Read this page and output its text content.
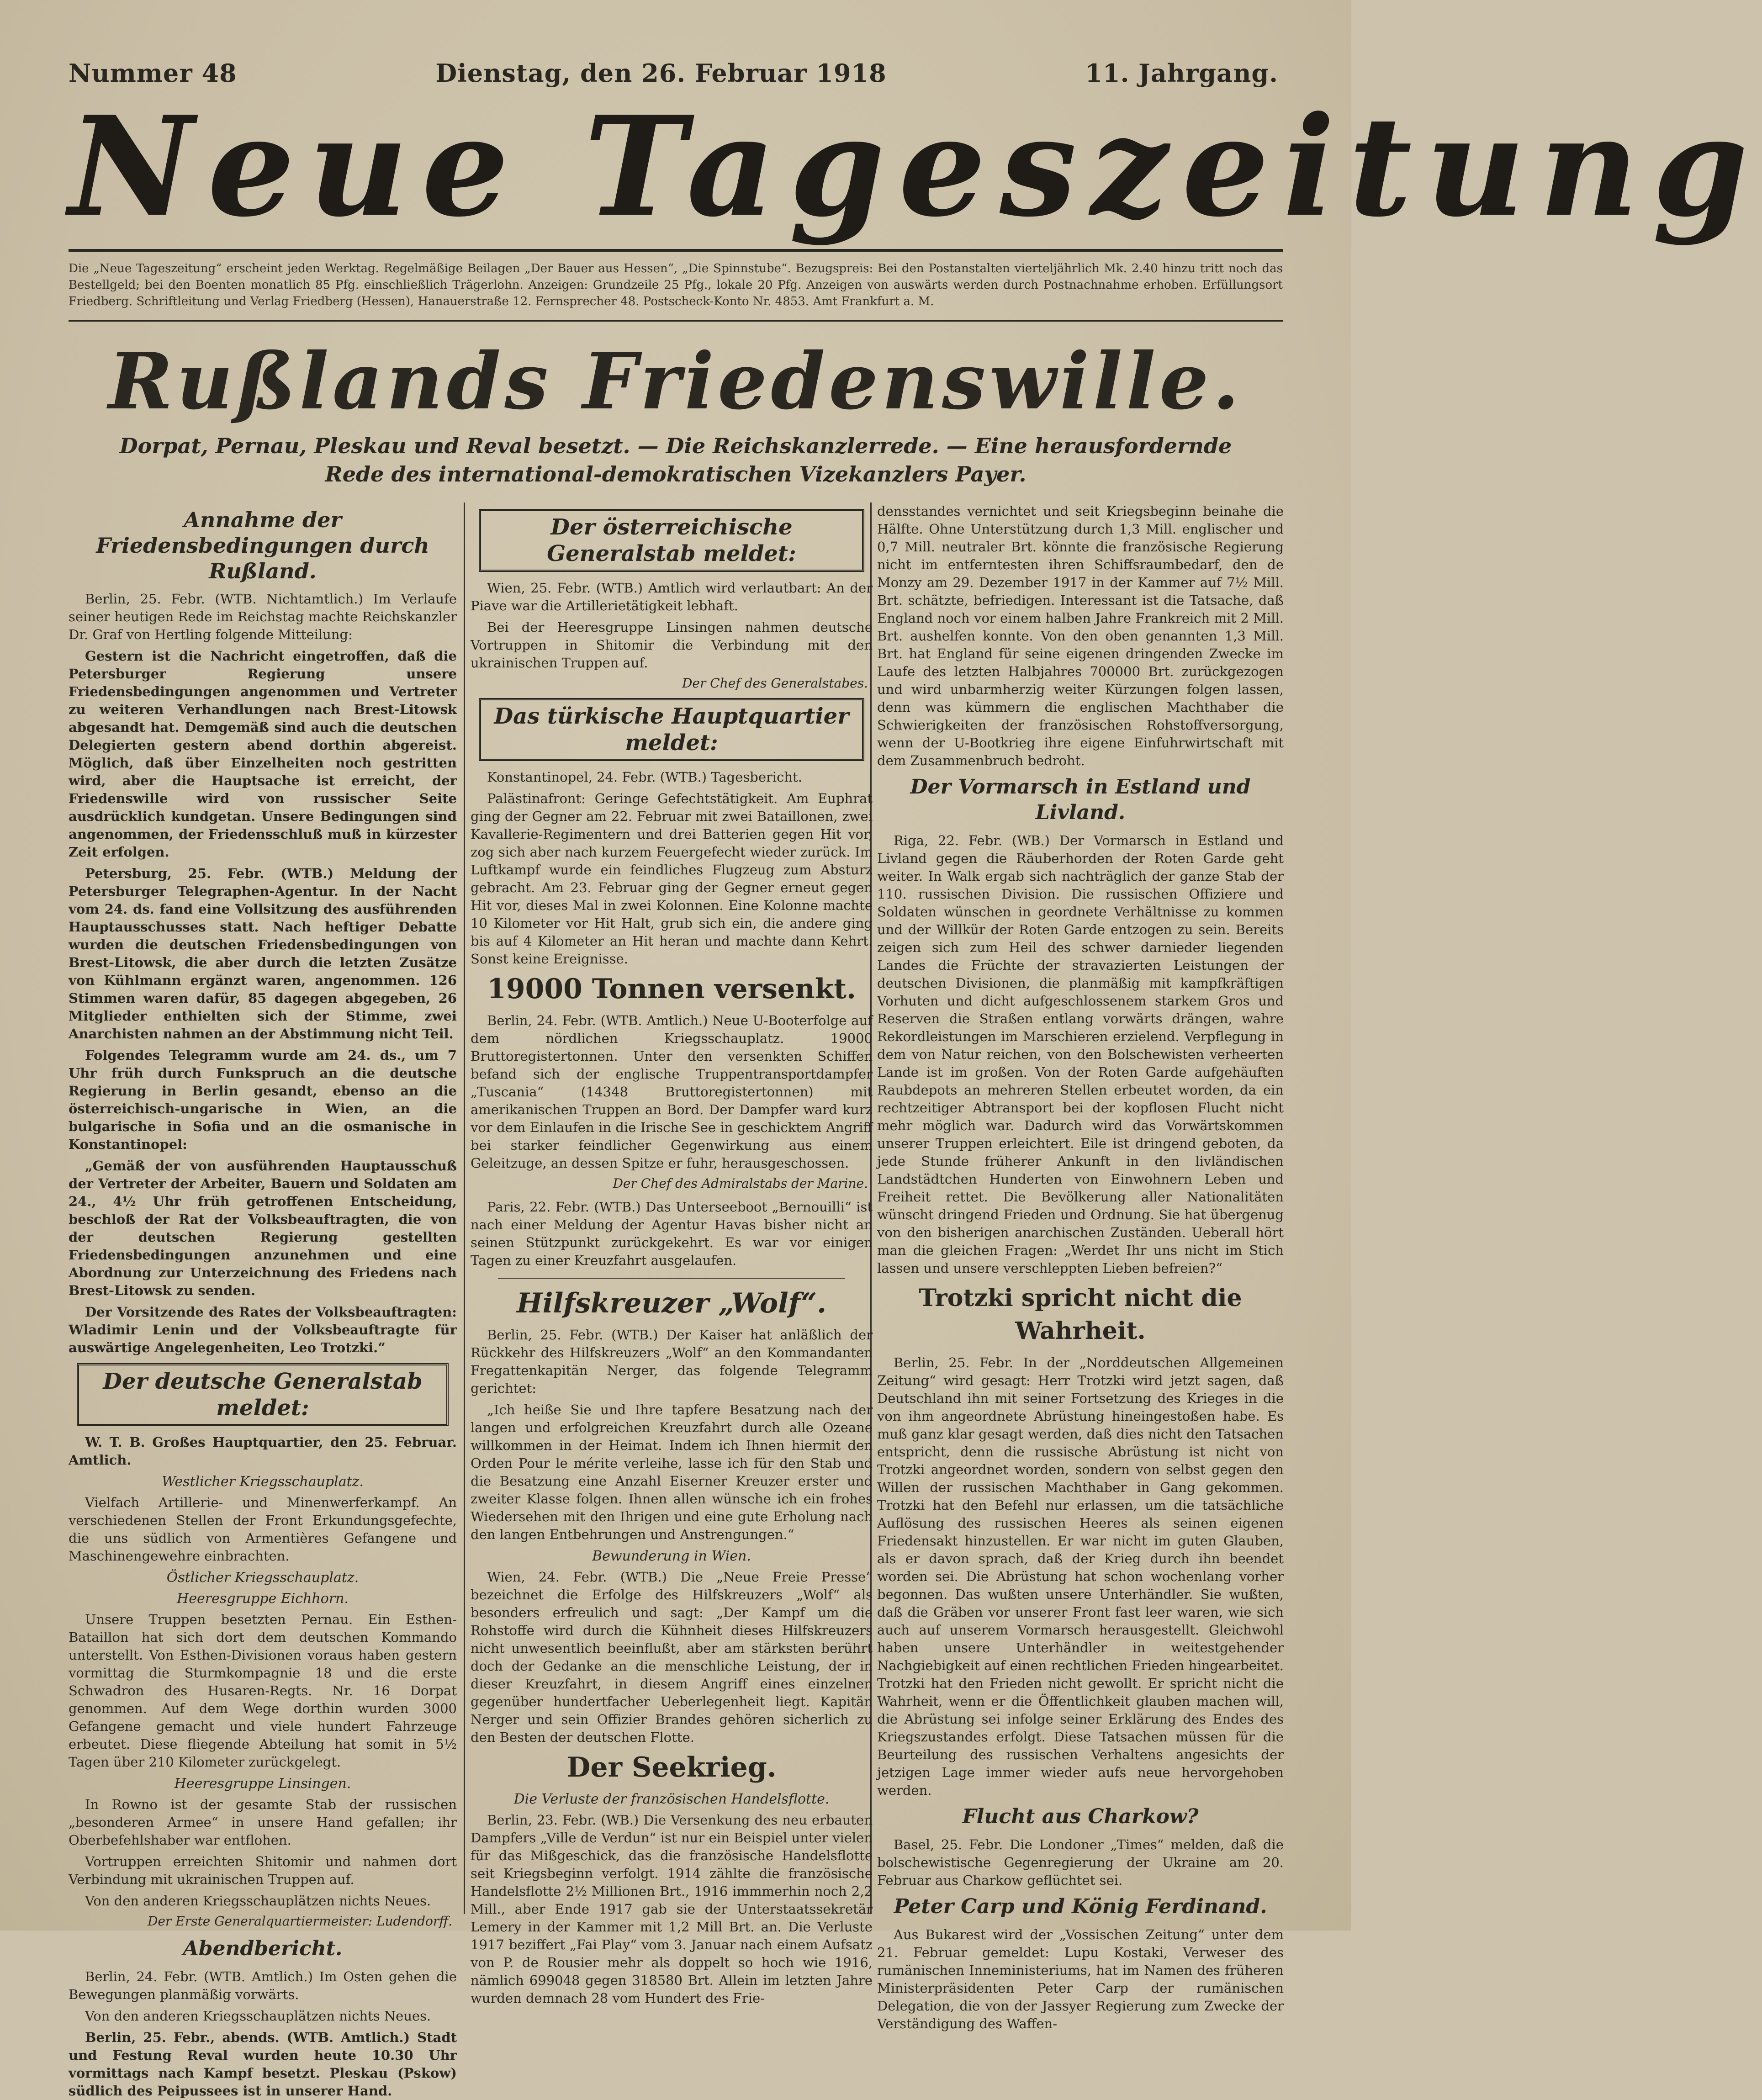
Nummer 48	Dienstag, den 26. Februar 1918	11. Jahrgang.
Neue Tageszeitung
Die „Neue Tageszeitung“ erscheint jeden Werktag. Regelmäßige Beilagen „Der Bauer aus Hessen“, „Die Spinnstube“. Bezugspreis: Bei den Postanstalten vierteljährlich Mk. 2.40 hinzu tritt noch das Bestellgeld; bei den Boenten monatlich 85 Pfg. einschließlich Trägerlohn. Anzeigen: Grundzeile 25 Pfg., lokale 20 Pfg. Anzeigen von auswärts werden durch Postnachnahme erhoben. Erfüllungsort Friedberg. Schriftleitung und Verlag Friedberg (Hessen), Hanauerstraße 12. Fernsprecher 48. Postscheck-Konto Nr. 4853. Amt Frankfurt a. M.
Rußlands Friedenswille.
Dorpat, Pernau, Pleskau und Reval besetzt. — Die Reichskanzlerrede. — Eine herausfordernde Rede des international-demokratischen Vizekanzlers Payer.
Annahme der Friedensbedingungen durch Rußland.

Berlin, 25. Febr. (WTB. Nichtamtlich.) Im Verlaufe seiner heutigen Rede im Reichstag machte Reichskanzler Dr. Graf von Hertling folgende Mitteilung:

Gestern ist die Nachricht eingetroffen, daß die Petersburger Regierung unsere Friedensbedingungen angenommen und Vertreter zu weiteren Verhandlungen nach Brest-Litowsk abgesandt hat. Demgemäß sind auch die deutschen Delegierten gestern abend dorthin abgereist. Möglich, daß über Einzelheiten noch gestritten wird, aber die Hauptsache ist erreicht, der Friedenswille wird von russischer Seite ausdrücklich kundgetan. Unsere Bedingungen sind angenommen, der Friedensschluß muß in kürzester Zeit erfolgen.

Petersburg, 25. Febr. (WTB.) Meldung der Petersburger Telegraphen-Agentur. In der Nacht vom 24. ds. fand eine Vollsitzung des ausführenden Hauptausschusses statt. Nach heftiger Debatte wurden die deutschen Friedensbedingungen von Brest-Litowsk, die aber durch die letzten Zusätze von Kühlmann ergänzt waren, angenommen. 126 Stimmen waren dafür, 85 dagegen abgegeben, 26 Mitglieder enthielten sich der Stimme, zwei Anarchisten nahmen an der Abstimmung nicht Teil.

Folgendes Telegramm wurde am 24. ds., um 7 Uhr früh durch Funkspruch an die deutsche Regierung in Berlin gesandt, ebenso an die österreichisch-ungarische in Wien, an die bulgarische in Sofia und an die osmanische in Konstantinopel:

„Gemäß der von ausführenden Hauptausschuß der Vertreter der Arbeiter, Bauern und Soldaten am 24., 4½ Uhr früh getroffenen Entscheidung, beschloß der Rat der Volksbeauftragten, die von der deutschen Regierung gestellten Friedensbedingungen anzunehmen und eine Abordnung zur Unterzeichnung des Friedens nach Brest-Litowsk zu senden.

Der Vorsitzende des Rates der Volksbeauftragten: Wladimir Lenin und der Volksbeauftragte für auswärtige Angelegenheiten, Leo Trotzki.“

Der deutsche Generalstab meldet:

W. T. B. Großes Hauptquartier, den 25. Februar. Amtlich.

Westlicher Kriegsschauplatz.

Vielfach Artillerie- und Minenwerferkampf. An verschiedenen Stellen der Front Erkundungsgefechte, die uns südlich von Armentières Gefangene und Maschinengewehre einbrachten.

Östlicher Kriegsschauplatz.
Heeresgruppe Eichhorn.

Unsere Truppen besetzten Pernau. Ein Esthen-Bataillon hat sich dort dem deutschen Kommando unterstellt. Von Esthen-Divisionen voraus haben gestern vormittag die Sturmkompagnie 18 und die erste Schwadron des Husaren-Regts. Nr. 16 Dorpat genommen. Auf dem Wege dorthin wurden 3000 Gefangene gemacht und viele hundert Fahrzeuge erbeutet. Diese fliegende Abteilung hat somit in 5½ Tagen über 210 Kilometer zurückgelegt.

Heeresgruppe Linsingen.

In Rowno ist der gesamte Stab der russischen „besonderen Armee“ in unsere Hand gefallen; ihr Oberbefehlshaber war entflohen.

Vortruppen erreichten Shitomir und nahmen dort Verbindung mit ukrainischen Truppen auf.

Von den anderen Kriegsschauplätzen nichts Neues.

Der Erste Generalquartiermeister: Ludendorff.
Abendbericht.

Berlin, 24. Febr. (WTB. Amtlich.) Im Osten gehen die Bewegungen planmäßig vorwärts.

Von den anderen Kriegsschauplätzen nichts Neues.

Berlin, 25. Febr., abends. (WTB. Amtlich.) Stadt und Festung Reval wurden heute 10.30 Uhr vormittags nach Kampf besetzt. Pleskau (Pskow) südlich des Peipussees ist in unserer Hand.

Der österreichische Generalstab meldet:

Wien, 25. Febr. (WTB.) Amtlich wird verlautbart: An der Piave war die Artillerietätigkeit lebhaft.

Bei der Heeresgruppe Linsingen nahmen deutsche Vortruppen in Shitomir die Verbindung mit den ukrainischen Truppen auf.

Der Chef des Generalstabes.
Das türkische Hauptquartier meldet:

Konstantinopel, 24. Febr. (WTB.) Tagesbericht.

Palästinafront: Geringe Gefechtstätigkeit. Am Euphrat ging der Gegner am 22. Februar mit zwei Bataillonen, zwei Kavallerie-Regimentern und drei Batterien gegen Hit vor, zog sich aber nach kurzem Feuergefecht wieder zurück. Im Luftkampf wurde ein feindliches Flugzeug zum Absturz gebracht. Am 23. Februar ging der Gegner erneut gegen Hit vor, dieses Mal in zwei Kolonnen. Eine Kolonne machte 10 Kilometer vor Hit Halt, grub sich ein, die andere ging bis auf 4 Kilometer an Hit heran und machte dann Kehrt. Sonst keine Ereignisse.

19000 Tonnen versenkt.

Berlin, 24. Febr. (WTB. Amtlich.) Neue U-Booterfolge auf dem nördlichen Kriegsschauplatz. 19000 Bruttoregistertonnen. Unter den versenkten Schiffen befand sich der englische Truppentransportdampfer „Tuscania“ (14348 Bruttoregistertonnen) mit amerikanischen Truppen an Bord. Der Dampfer ward kurz vor dem Einlaufen in die Irische See in geschicktem Angriff bei starker feindlicher Gegenwirkung aus einem Geleitzuge, an dessen Spitze er fuhr, herausgeschossen.

Der Chef des Admiralstabs der Marine.

Paris, 22. Febr. (WTB.) Das Unterseeboot „Bernouilli“ ist nach einer Meldung der Agentur Havas bisher nicht an seinen Stützpunkt zurückgekehrt. Es war vor einigen Tagen zu einer Kreuzfahrt ausgelaufen.

Hilfskreuzer „Wolf“.

Berlin, 25. Febr. (WTB.) Der Kaiser hat anläßlich der Rückkehr des Hilfskreuzers „Wolf“ an den Kommandanten Fregattenkapitän Nerger, das folgende Telegramm gerichtet:

„Ich heiße Sie und Ihre tapfere Besatzung nach der langen und erfolgreichen Kreuzfahrt durch alle Ozeane willkommen in der Heimat. Indem ich Ihnen hiermit den Orden Pour le mérite verleihe, lasse ich für den Stab und die Besatzung eine Anzahl Eiserner Kreuzer erster und zweiter Klasse folgen. Ihnen allen wünsche ich ein frohes Wiedersehen mit den Ihrigen und eine gute Erholung nach den langen Entbehrungen und Anstrengungen.“

Bewunderung in Wien.

Wien, 24. Febr. (WTB.) Die „Neue Freie Presse“ bezeichnet die Erfolge des Hilfskreuzers „Wolf“ als besonders erfreulich und sagt: „Der Kampf um die Rohstoffe wird durch die Kühnheit dieses Hilfskreuzers nicht unwesentlich beeinflußt, aber am stärksten berührt doch der Gedanke an die menschliche Leistung, der in dieser Kreuzfahrt, in diesem Angriff eines einzelnen gegenüber hundertfacher Ueberlegenheit liegt. Kapitän Nerger und sein Offizier Brandes gehören sicherlich zu den Besten der deutschen Flotte.

Der Seekrieg.
Die Verluste der französischen Handelsflotte.

Berlin, 23. Febr. (WB.) Die Versenkung des neu erbauten Dampfers „Ville de Verdun“ ist nur ein Beispiel unter vielen für das Mißgeschick, das die französische Handelsflotte seit Kriegsbeginn verfolgt. 1914 zählte die französische Handelsflotte 2½ Millionen Brt., 1916 immmerhin noch 2,2 Mill., aber Ende 1917 gab sie der Unterstaatssekretär Lemery in der Kammer mit 1,2 Mill Brt. an. Die Verluste 1917 beziffert „Fai Play“ vom 3. Januar nach einem Aufsatz von P. de Rousier mehr als doppelt so hoch wie 1916, nämlich 699048 gegen 318580 Brt. Allein im letzten Jahre wurden demnach 28 vom Hundert des Frie-

densstandes vernichtet und seit Kriegsbeginn beinahe die Hälfte. Ohne Unterstützung durch 1,3 Mill. englischer und 0,7 Mill. neutraler Brt. könnte die französische Regierung nicht im entferntesten ihren Schiffsraumbedarf, den de Monzy am 29. Dezember 1917 in der Kammer auf 7½ Mill. Brt. schätzte, befriedigen. Interessant ist die Tatsache, daß England noch vor einem halben Jahre Frankreich mit 2 Mill. Brt. aushelfen konnte. Von den oben genannten 1,3 Mill. Brt. hat England für seine eigenen dringenden Zwecke im Laufe des letzten Halbjahres 700000 Brt. zurückgezogen und wird unbarmherzig weiter Kürzungen folgen lassen, denn was kümmern die englischen Machthaber die Schwierigkeiten der französischen Rohstoffversorgung, wenn der U-Bootkrieg ihre eigene Einfuhrwirtschaft mit dem Zusammenbruch bedroht.

Der Vormarsch in Estland und Livland.

Riga, 22. Febr. (WB.) Der Vormarsch in Estland und Livland gegen die Räuberhorden der Roten Garde geht weiter. In Walk ergab sich nachträglich der ganze Stab der 110. russischen Division. Die russischen Offiziere und Soldaten wünschen in geordnete Verhältnisse zu kommen und der Willkür der Roten Garde entzogen zu sein. Bereits zeigen sich zum Heil des schwer darnieder liegenden Landes die Früchte der stravazierten Leistungen der deutschen Divisionen, die planmäßig mit kampfkräftigen Vorhuten und dicht aufgeschlossenem starkem Gros und Reserven die Straßen entlang vorwärts drängen, wahre Rekordleistungen im Marschieren erzielend. Verpflegung in dem von Natur reichen, von den Bolschewisten verheerten Lande ist im großen. Von der Roten Garde aufgehäuften Raubdepots an mehreren Stellen erbeutet worden, da ein rechtzeitiger Abtransport bei der kopflosen Flucht nicht mehr möglich war. Dadurch wird das Vorwärtskommen unserer Truppen erleichtert. Eile ist dringend geboten, da jede Stunde früherer Ankunft in den livländischen Landstädtchen Hunderten von Einwohnern Leben und Freiheit rettet. Die Bevölkerung aller Nationalitäten wünscht dringend Frieden und Ordnung. Sie hat übergenug von den bisherigen anarchischen Zuständen. Ueberall hört man die gleichen Fragen: „Werdet Ihr uns nicht im Stich lassen und unsere verschleppten Lieben befreien?“

Trotzki spricht nicht die Wahrheit.

Berlin, 25. Febr. In der „Norddeutschen Allgemeinen Zeitung“ wird gesagt: Herr Trotzki wird jetzt sagen, daß Deutschland ihn mit seiner Fortsetzung des Krieges in die von ihm angeordnete Abrüstung hineingestoßen habe. Es muß ganz klar gesagt werden, daß dies nicht den Tatsachen entspricht, denn die russische Abrüstung ist nicht von Trotzki angeordnet worden, sondern von selbst gegen den Willen der russischen Machthaber in Gang gekommen. Trotzki hat den Befehl nur erlassen, um die tatsächliche Auflösung des russischen Heeres als seinen eigenen Friedensakt hinzustellen. Er war nicht im guten Glauben, als er davon sprach, daß der Krieg durch ihn beendet worden sei. Die Abrüstung hat schon wochenlang vorher begonnen. Das wußten unsere Unterhändler. Sie wußten, daß die Gräben vor unserer Front fast leer waren, wie sich auch auf unserem Vormarsch herausgestellt. Gleichwohl haben unsere Unterhändler in weitestgehender Nachgiebigkeit auf einen rechtlichen Frieden hingearbeitet. Trotzki hat den Frieden nicht gewollt. Er spricht nicht die Wahrheit, wenn er die Öffentlichkeit glauben machen will, die Abrüstung sei infolge seiner Erklärung des Endes des Kriegszustandes erfolgt. Diese Tatsachen müssen für die Beurteilung des russischen Verhaltens angesichts der jetzigen Lage immer wieder aufs neue hervorgehoben werden.

Flucht aus Charkow?

Basel, 25. Febr. Die Londoner „Times“ melden, daß die bolschewistische Gegenregierung der Ukraine am 20. Februar aus Charkow geflüchtet sei.

Peter Carp und König Ferdinand.

Aus Bukarest wird der „Vossischen Zeitung“ unter dem 21. Februar gemeldet: Lupu Kostaki, Verweser des rumänischen Inneministeriums, hat im Namen des früheren Ministerpräsidenten Peter Carp der rumänischen Delegation, die von der Jassyer Regierung zum Zwecke der Verständigung des Waffen-
